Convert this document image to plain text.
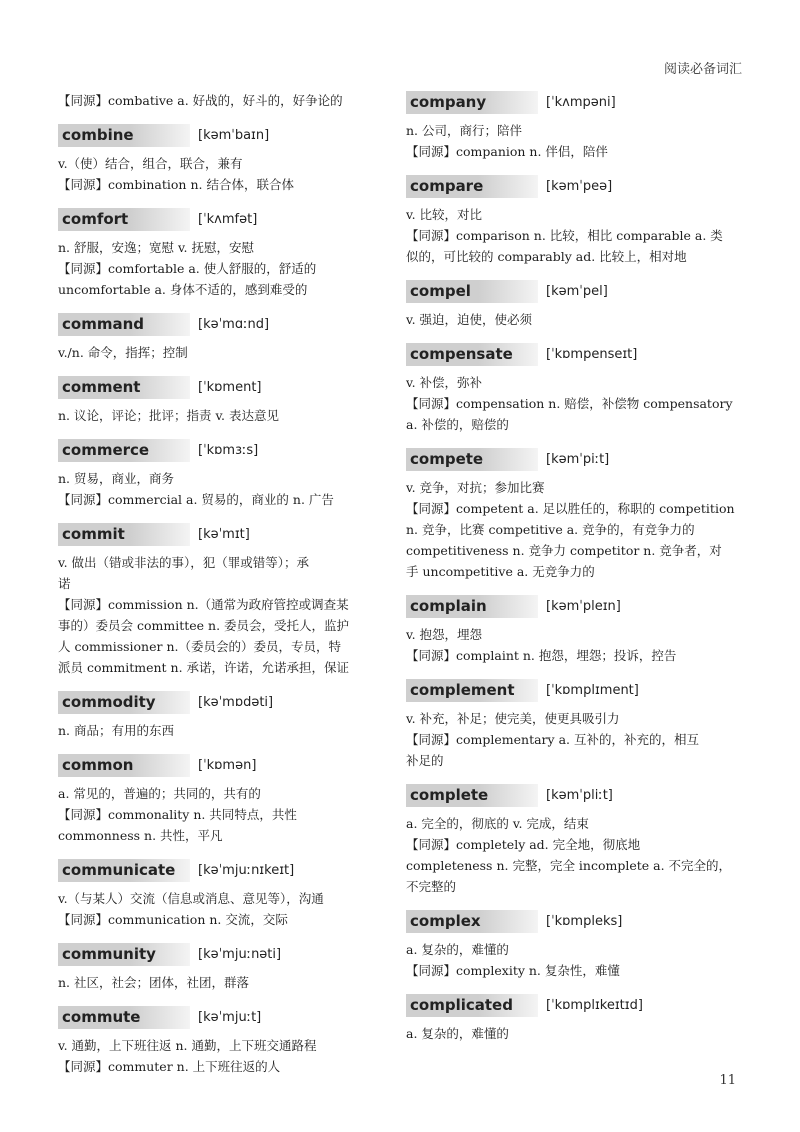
阅读必备词汇
【同源】combative a. 好战的，好斗的，好争论的
combine	[kəmˈbaɪn]
v.（使）结合，组合，联合，兼有
【同源】combination n. 结合体，联合体
comfort	[ˈkʌmfət]
n. 舒服，安逸；宽慰 v. 抚慰，安慰
【同源】comfortable a. 使人舒服的，舒适的
uncomfortable a. 身体不适的，感到难受的
command	[kəˈmɑːnd]
v./n. 命令，指挥；控制
comment	[ˈkɒment]
n. 议论，评论；批评；指责 v. 表达意见
commerce	[ˈkɒmɜːs]
n. 贸易，商业，商务
【同源】commercial a. 贸易的，商业的 n. 广告
commit	[kəˈmɪt]
v. 做出（错或非法的事），犯（罪或错等）；承
诺
【同源】commission n.（通常为政府管控或调查某
事的）委员会 committee n. 委员会，受托人，监护
人 commissioner n.（委员会的）委员，专员，特
派员 commitment n. 承诺，许诺，允诺承担，保证
commodity	[kəˈmɒdəti]
n. 商品；有用的东西
common	[ˈkɒmən]
a. 常见的，普遍的；共同的，共有的
【同源】commonality n. 共同特点，共性
commonness n. 共性，平凡
communicate	[kəˈmjuːnɪkeɪt]
v.（与某人）交流（信息或消息、意见等），沟通
【同源】communication n. 交流，交际
community	[kəˈmjuːnəti]
n. 社区，社会；团体，社团，群落
commute	[kəˈmjuːt]
v. 通勤，上下班往返 n. 通勤，上下班交通路程
【同源】commuter n. 上下班往返的人
company	[ˈkʌmpəni]
n. 公司，商行；陪伴
【同源】companion n. 伴侣，陪伴
compare	[kəmˈpeə]
v. 比较，对比
【同源】comparison n. 比较，相比 comparable a. 类
似的，可比较的 comparably ad. 比较上，相对地
compel	[kəmˈpel]
v. 强迫，迫使，使必须
compensate	[ˈkɒmpenseɪt]
v. 补偿，弥补
【同源】compensation n. 赔偿，补偿物 compensatory
a. 补偿的，赔偿的
compete	[kəmˈpiːt]
v. 竞争，对抗；参加比赛
【同源】competent a. 足以胜任的，称职的 competition
n. 竞争，比赛 competitive a. 竞争的，有竞争力的
competitiveness n. 竞争力 competitor n. 竞争者，对
手 uncompetitive a. 无竞争力的
complain	[kəmˈpleɪn]
v. 抱怨，埋怨
【同源】complaint n. 抱怨，埋怨；投诉，控告
complement	[ˈkɒmplɪment]
v. 补充，补足；使完美，使更具吸引力
【同源】complementary a. 互补的，补充的，相互
补足的
complete	[kəmˈpliːt]
a. 完全的，彻底的 v. 完成，结束
【同源】completely ad. 完全地，彻底地
completeness n. 完整，完全 incomplete a. 不完全的，
不完整的
complex	[ˈkɒmpleks]
a. 复杂的，难懂的
【同源】complexity n. 复杂性，难懂
complicated	[ˈkɒmplɪkeɪtɪd]
a. 复杂的，难懂的
11
